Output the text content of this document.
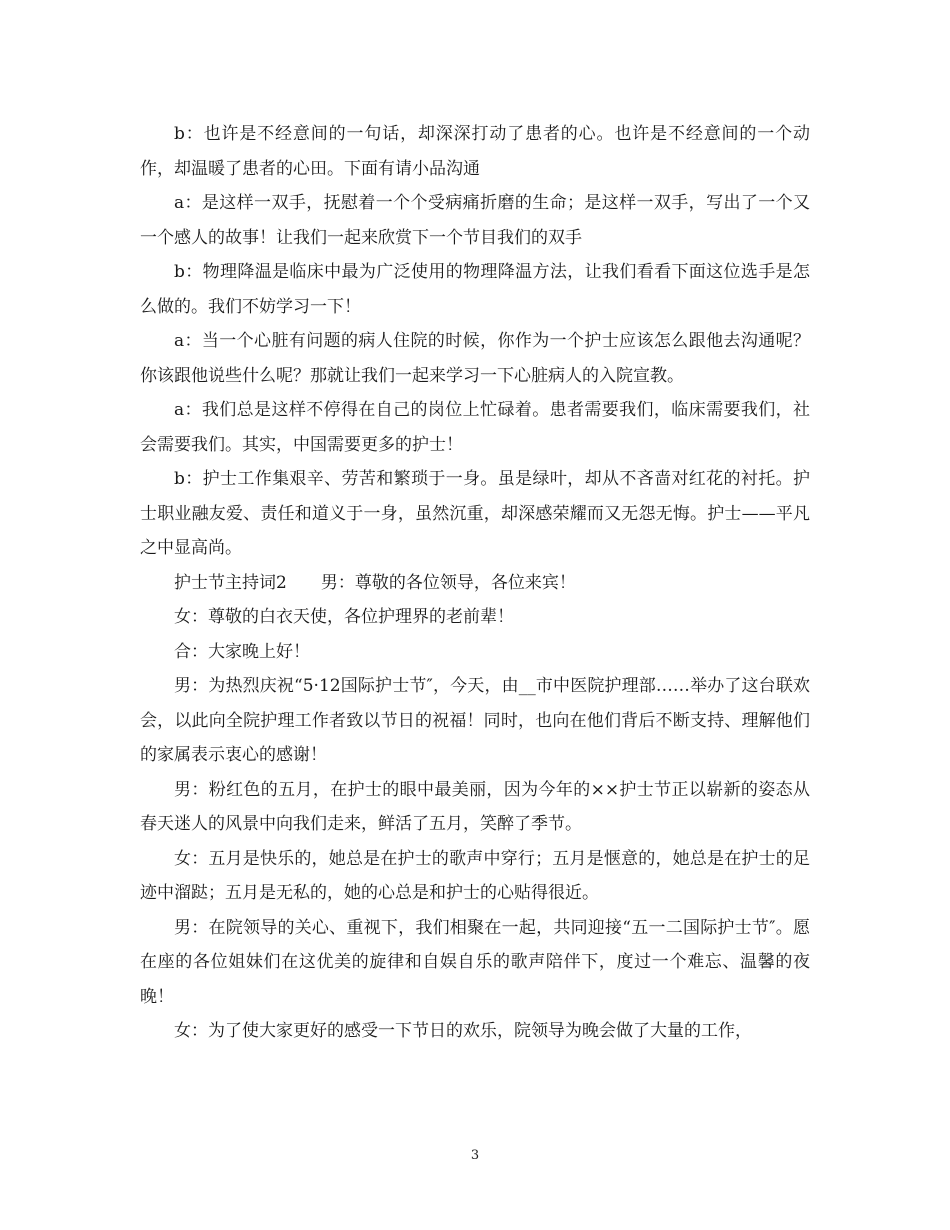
b：也许是不经意间的一句话，却深深打动了患者的心。也许是不经意间的一个动作，却温暖了患者的心田。下面有请小品沟通

a：是这样一双手，抚慰着一个个受病痛折磨的生命；是这样一双手，写出了一个又一个感人的故事！让我们一起来欣赏下一个节目我们的双手

b：物理降温是临床中最为广泛使用的物理降温方法，让我们看看下面这位选手是怎么做的。我们不妨学习一下！

a：当一个心脏有问题的病人住院的时候，你作为一个护士应该怎么跟他去沟通呢？你该跟他说些什么呢？那就让我们一起来学习一下心脏病人的入院宣教。

a：我们总是这样不停得在自己的岗位上忙碌着。患者需要我们，临床需要我们，社会需要我们。其实，中国需要更多的护士！

b：护士工作集艰辛、劳苦和繁琐于一身。虽是绿叶，却从不吝啬对红花的衬托。护士职业融友爱、责任和道义于一身，虽然沉重，却深感荣耀而又无怨无悔。护士——平凡之中显高尚。

护士节主持词2　　男：尊敬的各位领导，各位来宾！

女：尊敬的白衣天使，各位护理界的老前辈！

合：大家晚上好！

男：为热烈庆祝“5·12国际护士节″，今天，由__市中医院护理部……举办了这台联欢会，以此向全院护理工作者致以节日的祝福！同时，也向在他们背后不断支持、理解他们的家属表示衷心的感谢！

男：粉红色的五月，在护士的眼中最美丽，因为今年的××护士节正以崭新的姿态从春天迷人的风景中向我们走来，鲜活了五月，笑醉了季节。

女：五月是快乐的，她总是在护士的歌声中穿行；五月是惬意的，她总是在护士的足迹中溜跶；五月是无私的，她的心总是和护士的心贴得很近。

男：在院领导的关心、重视下，我们相聚在一起，共同迎接“五一二国际护士节″。愿在座的各位姐妹们在这优美的旋律和自娱自乐的歌声陪伴下，度过一个难忘、温馨的夜晚！

女：为了使大家更好的感受一下节日的欢乐，院领导为晚会做了大量的工作，

3
